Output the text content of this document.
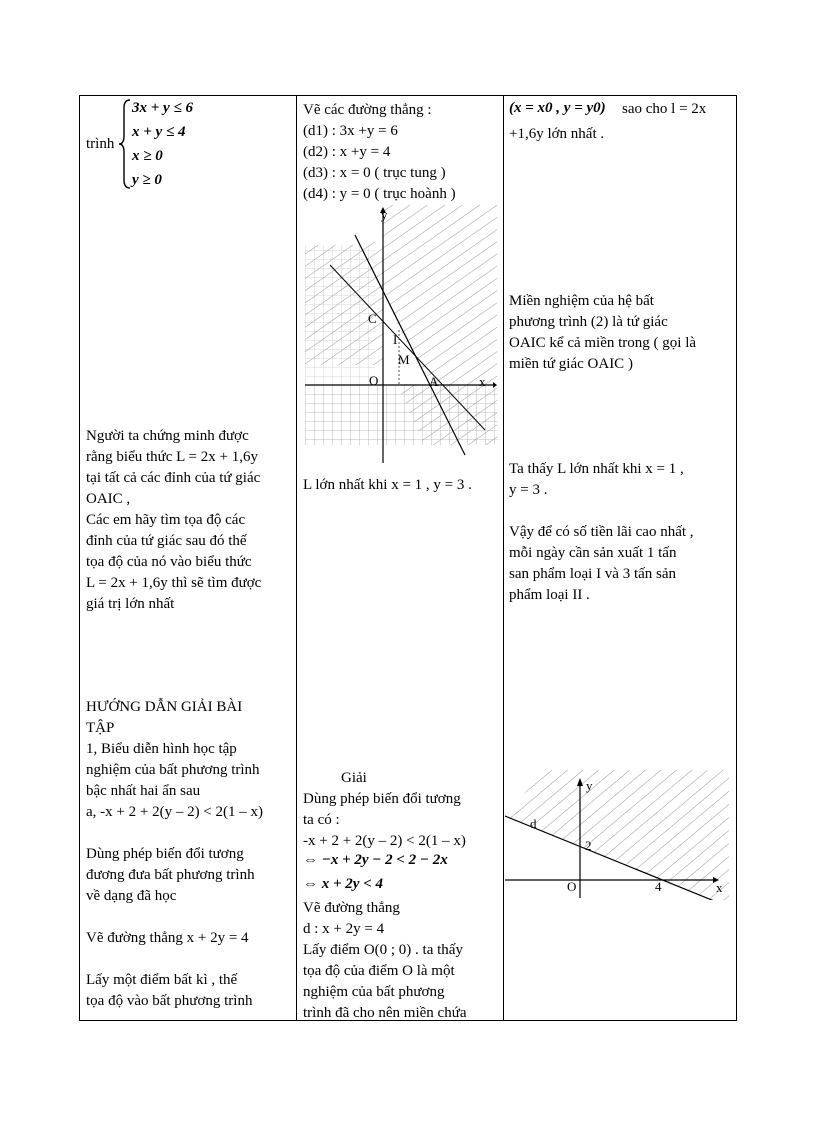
trình
3x + y ≤ 6
x + y ≤ 4
x ≥ 0
y ≥ 0
Người ta chứng minh được
rằng biểu thức L = 2x + 1,6y
tại tất cả các đỉnh của tứ giác
OAIC ,
Các em hãy tìm tọa độ các
đỉnh của tứ giác sau đó thế
tọa độ của nó vào biểu thức
L = 2x + 1,6y thì sẽ tìm được
giá trị lớn nhất
HƯỚNG DẪN GIẢI BÀI
TẬP
1, Biểu diễn hình học tập
nghiệm của bất phương trình
bậc nhất hai ẩn sau
a, -x + 2 + 2(y – 2) < 2(1 – x)
Dùng phép biến đổi tương
đương đưa bất phương trình
về dạng đã học
Vẽ đường thẳng x + 2y = 4
Lấy một điểm bất kì , thế
tọa độ vào bất phương trình
Vẽ các đường thẳng :
(d1) : 3x +y = 6
(d2) : x +y = 4
(d3) : x = 0 ( trục tung )
(d4) : y = 0 ( trục hoành )
y
C
I
M
O	A	x
L lớn nhất khi x = 1 , y = 3 .
Giải
Dùng phép biến đổi tương
ta có :
-x + 2 + 2(y – 2) < 2(1 – x)
⇔ −x + 2y − 2 < 2 − 2x
⇔ x + 2y < 4
Vẽ đường thẳng
d : x + 2y = 4
Lấy điểm O(0 ; 0) . ta thấy
tọa độ của điểm O là một
nghiệm của bất phương
trình đã cho nên miền chứa
(x = x0 , y = y0) sao cho l = 2x
+1,6y lớn nhất .
Miền nghiệm của hệ bất
phương trình (2) là tứ giác
OAIC kể cả miền trong ( gọi là
miền tứ giác OAIC )
Ta thấy L lớn nhất khi x = 1 ,
y = 3 .
Vậy để có số tiền lãi cao nhất ,
mỗi ngày cần sản xuất 1 tấn
san phẩm loại I và 3 tấn sản
phẩm loại II .
y
d
2
O	4	x
